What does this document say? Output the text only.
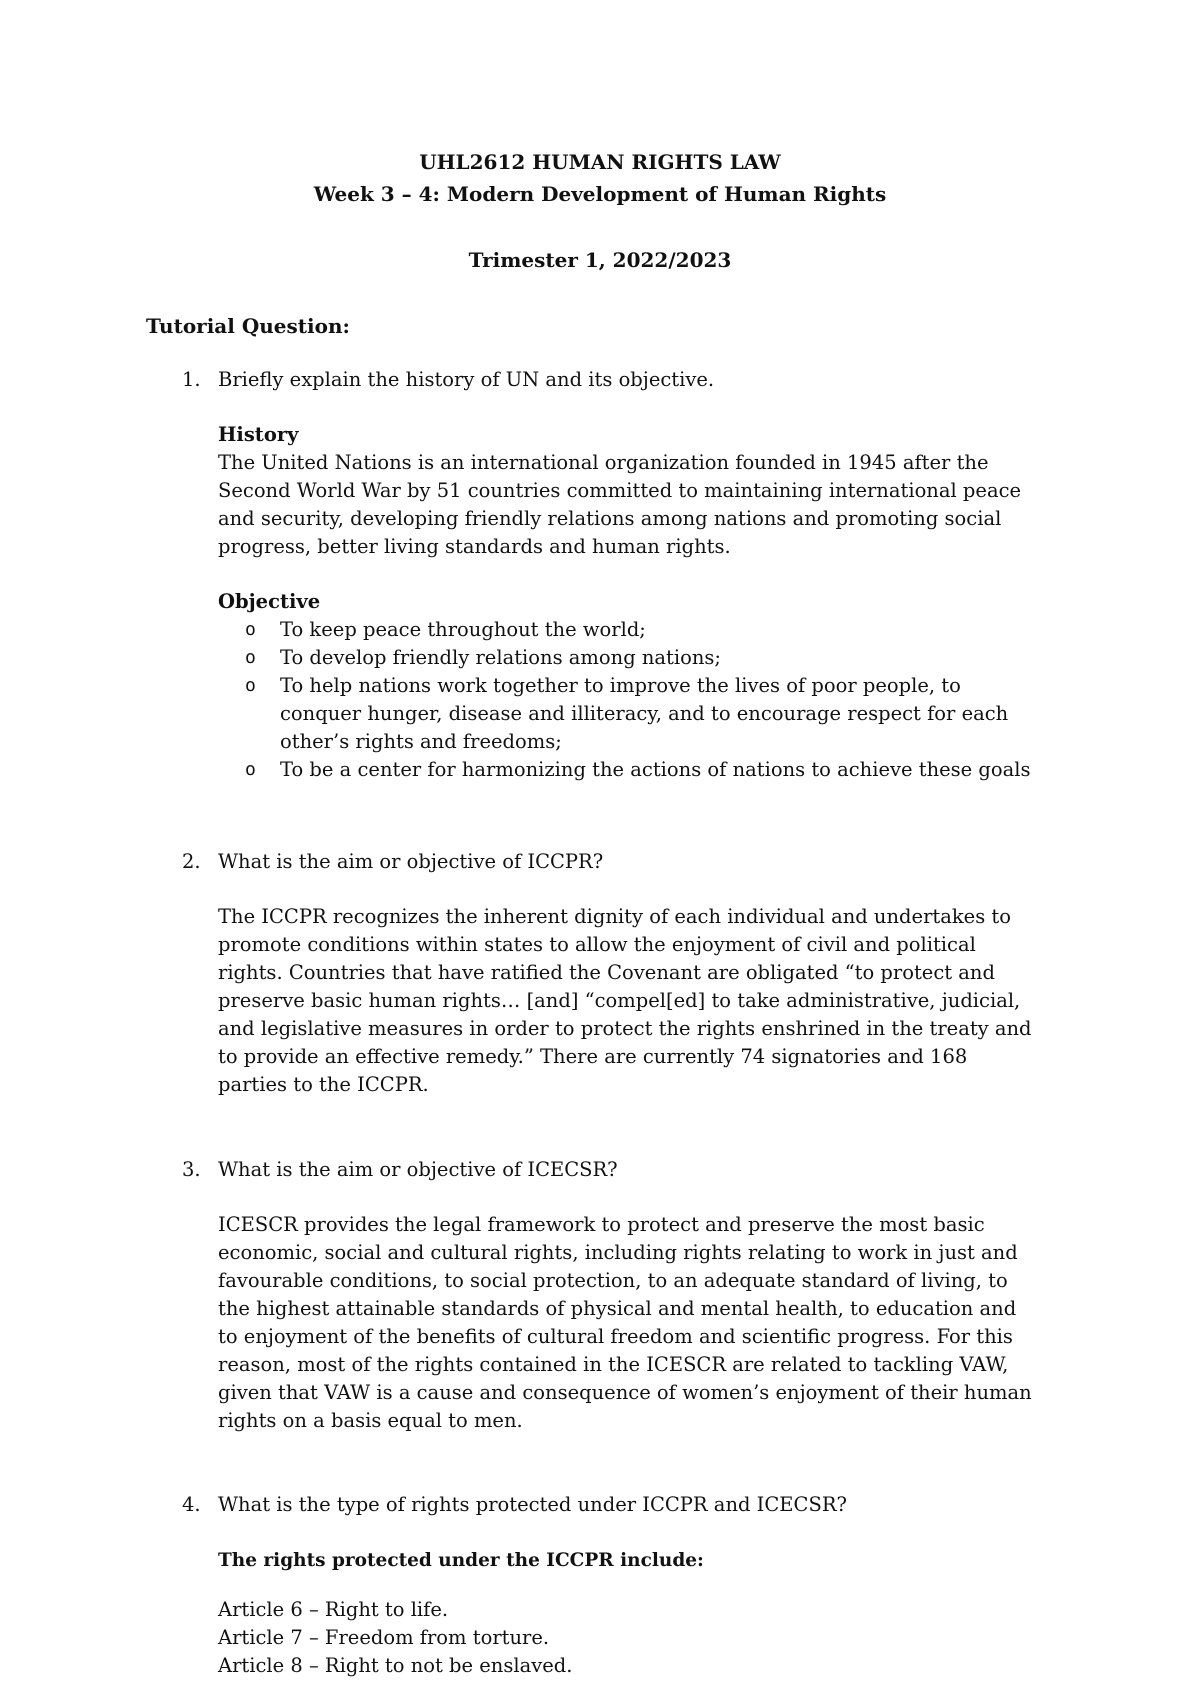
UHL2612 HUMAN RIGHTS LAW
Week 3 – 4: Modern Development of Human Rights
Trimester 1, 2022/2023
Tutorial Question:
1. Briefly explain the history of UN and its objective.
History

The United Nations is an international organization founded in 1945 after the Second World War by 51 countries committed to maintaining international peace and security, developing friendly relations among nations and promoting social progress, better living standards and human rights.

Objective
o To keep peace throughout the world;
o To develop friendly relations among nations;
o To help nations work together to improve the lives of poor people, to conquer hunger, disease and illiteracy, and to encourage respect for each other’s rights and freedoms;
o To be a center for harmonizing the actions of nations to achieve these goals
2. What is the aim or objective of ICCPR?

The ICCPR recognizes the inherent dignity of each individual and undertakes to promote conditions within states to allow the enjoyment of civil and political rights. Countries that have ratified the Covenant are obligated “to protect and preserve basic human rights… [and] “compel[ed] to take administrative, judicial, and legislative measures in order to protect the rights enshrined in the treaty and to provide an effective remedy.” There are currently 74 signatories and 168 parties to the ICCPR.

3. What is the aim or objective of ICECSR?

ICESCR provides the legal framework to protect and preserve the most basic economic, social and cultural rights, including rights relating to work in just and favourable conditions, to social protection, to an adequate standard of living, to the highest attainable standards of physical and mental health, to education and to enjoyment of the benefits of cultural freedom and scientific progress. For this reason, most of the rights contained in the ICESCR are related to tackling VAW, given that VAW is a cause and consequence of women’s enjoyment of their human rights on a basis equal to men.

4. What is the type of rights protected under ICCPR and ICECSR?
The rights protected under the ICCPR include:

Article 6 – Right to life.

Article 7 – Freedom from torture.

Article 8 – Right to not be enslaved.
